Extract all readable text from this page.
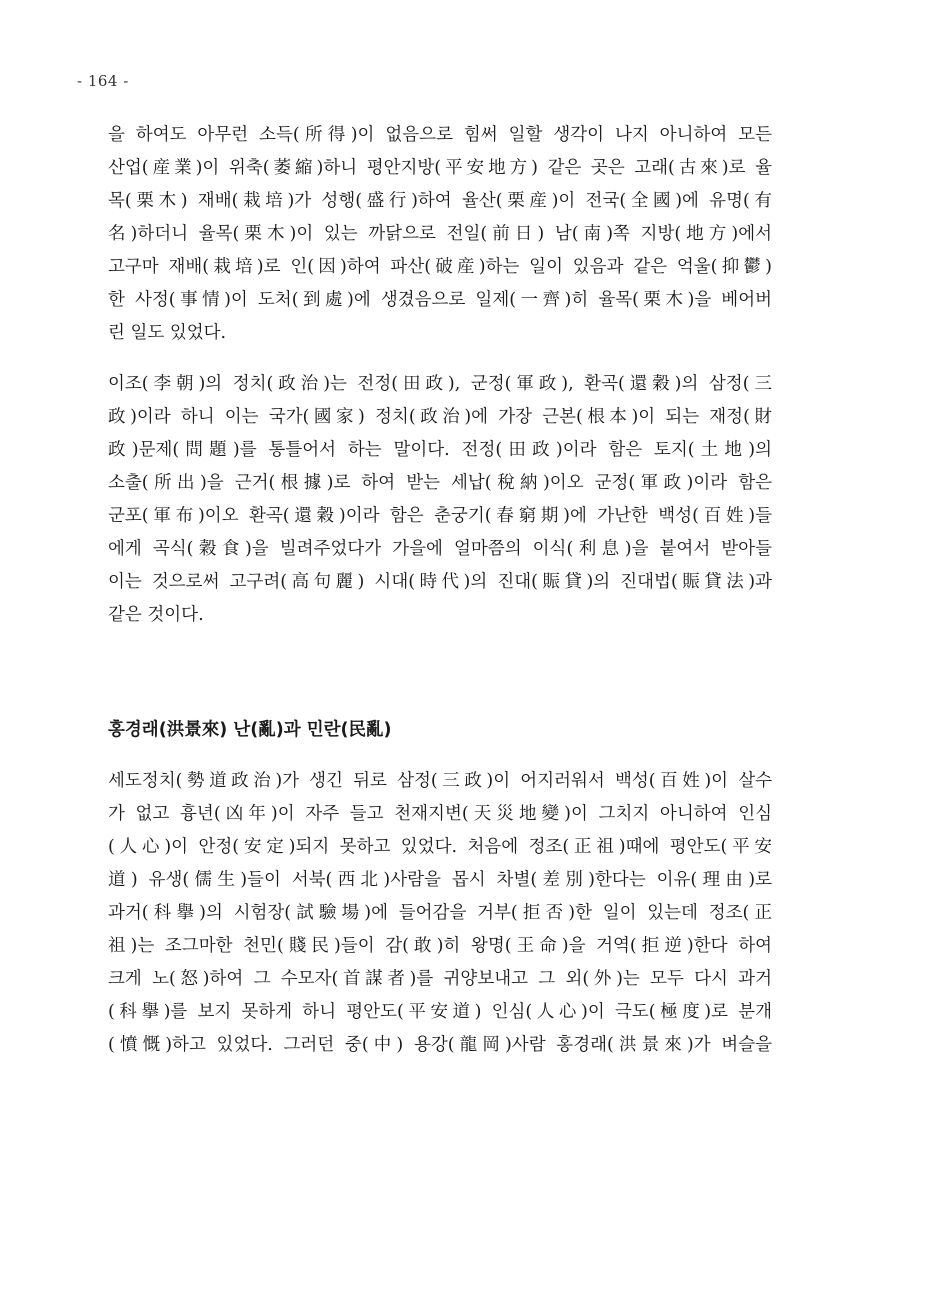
- 164 -
을 하여도 아무런 소득(所得)이 없음으로 힘써 일할 생각이 나지 아니하여 모든
산업(産業)이 위축(萎縮)하니 평안지방(平安地方) 같은 곳은 고래(古來)로 율
목(栗木) 재배(栽培)가 성행(盛行)하여 율산(栗産)이 전국(全國)에 유명(有
名)하더니 율목(栗木)이 있는 까닭으로 전일(前日) 남(南)쪽 지방(地方)에서
고구마 재배(栽培)로 인(因)하여 파산(破産)하는 일이 있음과 같은 억울(抑鬱)
한 사정(事情)이 도처(到處)에 생겼음으로 일제(一齊)히 율목(栗木)을 베어버
린 일도 있었다.
이조(李朝)의 정치(政治)는 전정(田政), 군정(軍政), 환곡(還穀)의 삼정(三
政)이라 하니 이는 국가(國家) 정치(政治)에 가장 근본(根本)이 되는 재정(財
政)문제(問題)를 통틀어서 하는 말이다. 전정(田政)이라 함은 토지(土地)의
소출(所出)을 근거(根據)로 하여 받는 세납(稅納)이오 군정(軍政)이라 함은
군포(軍布)이오 환곡(還穀)이라 함은 춘궁기(春窮期)에 가난한 백성(百姓)들
에게 곡식(穀食)을 빌려주었다가 가을에 얼마쯤의 이식(利息)을 붙여서 받아들
이는 것으로써 고구려(高句麗) 시대(時代)의 진대(賑貸)의 진대법(賑貸法)과
같은 것이다.
홍경래(洪景來) 난(亂)과 민란(民亂)
세도정치(勢道政治)가 생긴 뒤로 삼정(三政)이 어지러워서 백성(百姓)이 살수
가 없고 흉년(凶年)이 자주 들고 천재지변(天災地變)이 그치지 아니하여 인심
(人心)이 안정(安定)되지 못하고 있었다. 처음에 정조(正祖)때에 평안도(平安
道) 유생(儒生)들이 서북(西北)사람을 몹시 차별(差別)한다는 이유(理由)로
과거(科擧)의 시험장(試驗場)에 들어감을 거부(拒否)한 일이 있는데 정조(正
祖)는 조그마한 천민(賤民)들이 감(敢)히 왕명(王命)을 거역(拒逆)한다 하여
크게 노(怒)하여 그 수모자(首謀者)를 귀양보내고 그 외(外)는 모두 다시 과거
(科擧)를 보지 못하게 하니 평안도(平安道) 인심(人心)이 극도(極度)로 분개
(憤慨)하고 있었다. 그러던 중(中) 용강(龍岡)사람 홍경래(洪景來)가 벼슬을
